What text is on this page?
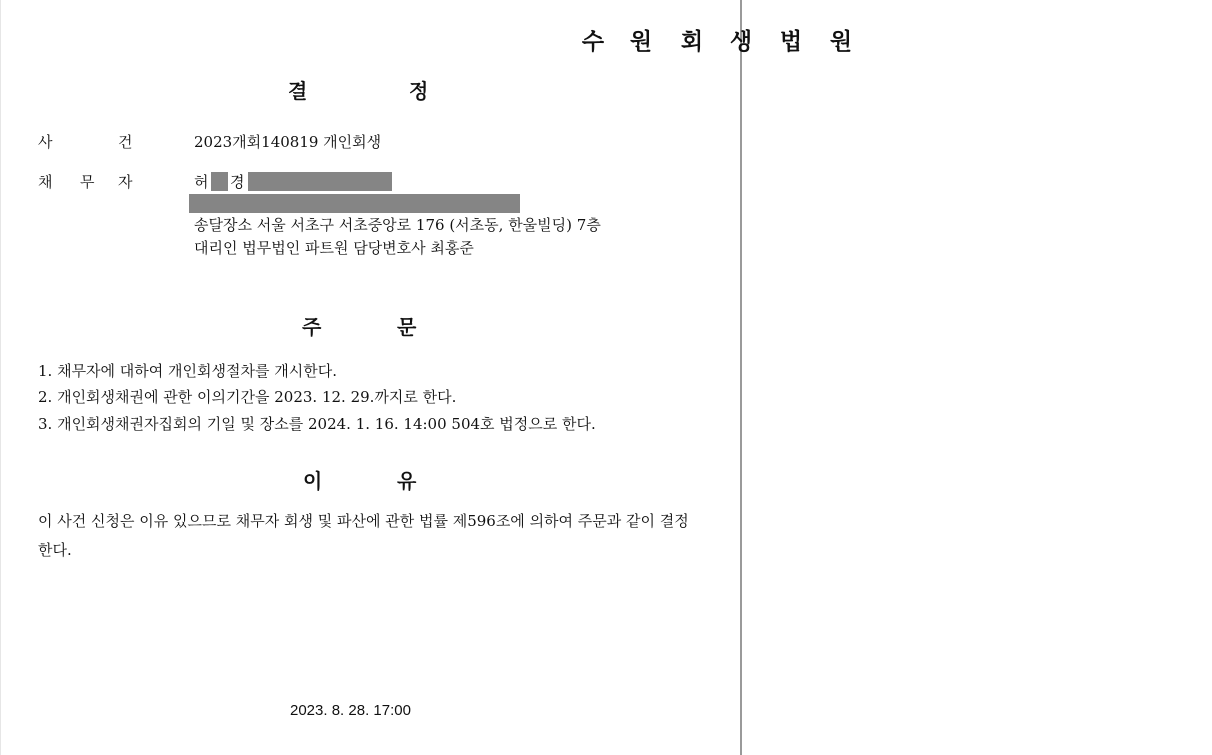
수	원	회	생	법	원
결	정
사	건	2023개회140819 개인회생
채 무 자	허 경
송달장소 서울 서초구 서초중앙로 176 (서초동, 한울빌딩) 7층
대리인 법무법인 파트원 담당변호사 최홍준
주	문
1. 채무자에 대하여 개인회생절차를 개시한다.
2. 개인회생채권에 관한 이의기간을 2023. 12. 29.까지로 한다.
3. 개인회생채권자집회의 기일 및 장소를 2024. 1. 16. 14:00 504호 법정으로 한다.
이	유
이 사건 신청은 이유 있으므로 채무자 회생 및 파산에 관한 법률 제596조에 의하여 주문과 같이 결정한다.
2023. 8. 28. 17:00
